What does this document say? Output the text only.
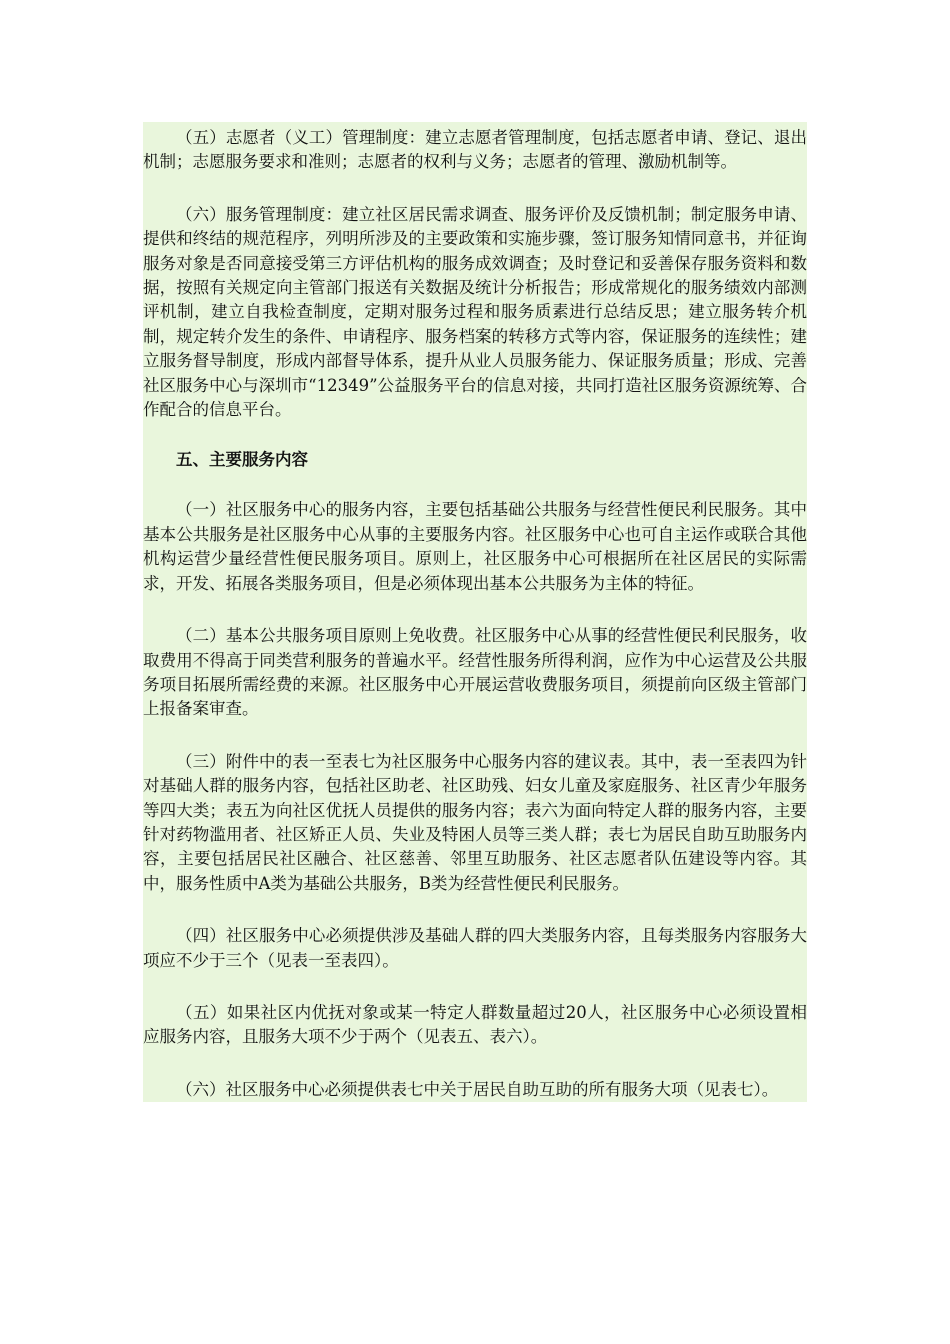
（五）志愿者（义工）管理制度：建立志愿者管理制度，包括志愿者申请、登记、退出机制；志愿服务要求和准则；志愿者的权利与义务；志愿者的管理、激励机制等。

（六）服务管理制度：建立社区居民需求调查、服务评价及反馈机制；制定服务申请、提供和终结的规范程序，列明所涉及的主要政策和实施步骤，签订服务知情同意书，并征询服务对象是否同意接受第三方评估机构的服务成效调查；及时登记和妥善保存服务资料和数据，按照有关规定向主管部门报送有关数据及统计分析报告；形成常规化的服务绩效内部测评机制，建立自我检查制度，定期对服务过程和服务质素进行总结反思；建立服务转介机制，规定转介发生的条件、申请程序、服务档案的转移方式等内容，保证服务的连续性；建立服务督导制度，形成内部督导体系，提升从业人员服务能力、保证服务质量；形成、完善社区服务中心与深圳市“12349”公益服务平台的信息对接，共同打造社区服务资源统筹、合作配合的信息平台。

五、主要服务内容

（一）社区服务中心的服务内容，主要包括基础公共服务与经营性便民利民服务。其中基本公共服务是社区服务中心从事的主要服务内容。社区服务中心也可自主运作或联合其他机构运营少量经营性便民服务项目。原则上，社区服务中心可根据所在社区居民的实际需求，开发、拓展各类服务项目，但是必须体现出基本公共服务为主体的特征。

（二）基本公共服务项目原则上免收费。社区服务中心从事的经营性便民利民服务，收取费用不得高于同类营利服务的普遍水平。经营性服务所得利润，应作为中心运营及公共服务项目拓展所需经费的来源。社区服务中心开展运营收费服务项目，须提前向区级主管部门上报备案审查。

（三）附件中的表一至表七为社区服务中心服务内容的建议表。其中，表一至表四为针对基础人群的服务内容，包括社区助老、社区助残、妇女儿童及家庭服务、社区青少年服务等四大类；表五为向社区优抚人员提供的服务内容；表六为面向特定人群的服务内容，主要针对药物滥用者、社区矫正人员、失业及特困人员等三类人群；表七为居民自助互助服务内容，主要包括居民社区融合、社区慈善、邻里互助服务、社区志愿者队伍建设等内容。其中，服务性质中A类为基础公共服务，B类为经营性便民利民服务。

（四）社区服务中心必须提供涉及基础人群的四大类服务内容，且每类服务内容服务大项应不少于三个（见表一至表四）。

（五）如果社区内优抚对象或某一特定人群数量超过20人，社区服务中心必须设置相应服务内容，且服务大项不少于两个（见表五、表六）。

（六）社区服务中心必须提供表七中关于居民自助互助的所有服务大项（见表七）。
